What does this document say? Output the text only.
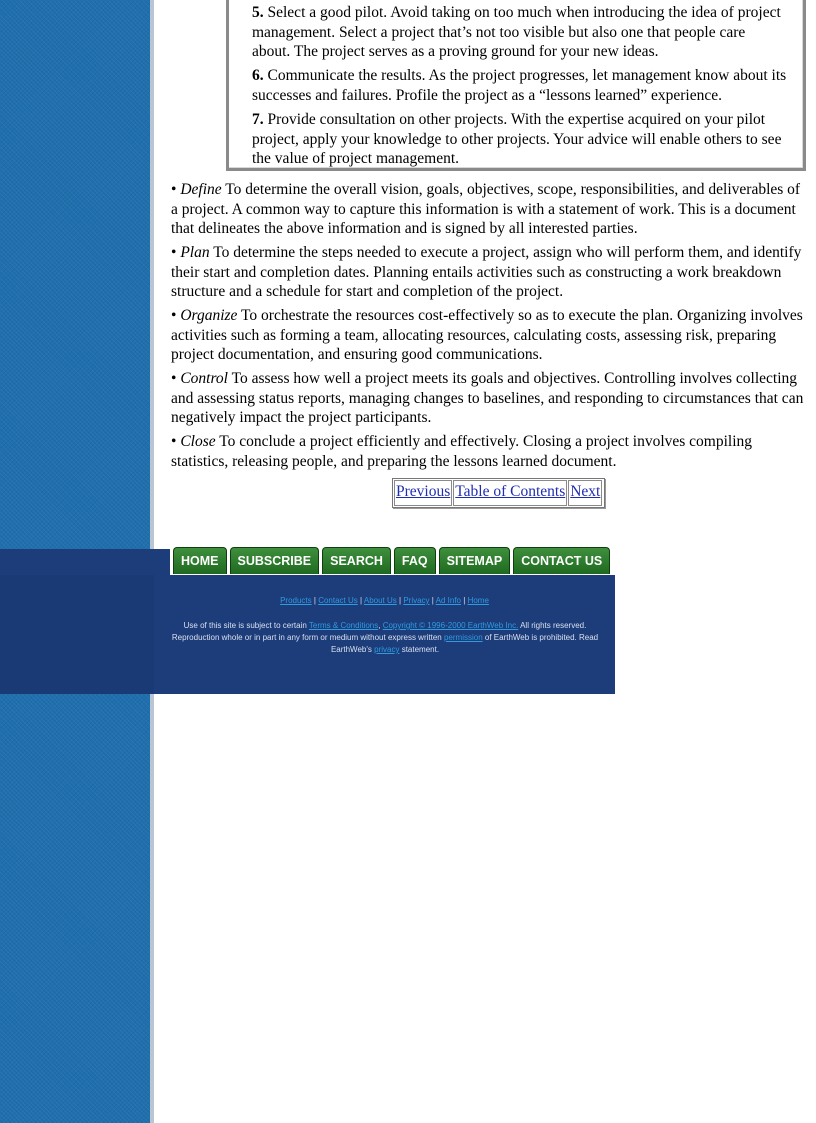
5. Select a good pilot. Avoid taking on too much when introducing the idea of project management. Select a project that’s not too visible but also one that people care about. The project serves as a proving ground for your new ideas.

6. Communicate the results. As the project progresses, let management know about its successes and failures. Profile the project as a “lessons learned” experience.

7. Provide consultation on other projects. With the expertise acquired on your pilot project, apply your knowledge to other projects. Your advice will enable others to see the value of project management.

• Define To determine the overall vision, goals, objectives, scope, responsibilities, and deliverables of a project. A common way to capture this information is with a statement of work. This is a document that delineates the above information and is signed by all interested parties.

• Plan To determine the steps needed to execute a project, assign who will perform them, and identify their start and completion dates. Planning entails activities such as constructing a work breakdown structure and a schedule for start and completion of the project.

• Organize To orchestrate the resources cost-effectively so as to execute the plan. Organizing involves activities such as forming a team, allocating resources, calculating costs, assessing risk, preparing project documentation, and ensuring good communications.

• Control To assess how well a project meets its goals and objectives. Controlling involves collecting and assessing status reports, managing changes to baselines, and responding to circumstances that can negatively impact the project participants.

• Close To conclude a project efficiently and effectively. Closing a project involves compiling statistics, releasing people, and preparing the lessons learned document.

Previous Table of Contents Next
HOME	SUBSCRIBE	SEARCH	FAQ	SITEMAP	CONTACT US
Products | Contact Us | About Us | Privacy | Ad Info | Home
Use of this site is subject to certain Terms & Conditions, Copyright © 1996-2000 EarthWeb Inc. All rights reserved. Reproduction whole or in part in any form or medium without express written permission of EarthWeb is prohibited. Read EarthWeb's privacy statement.
